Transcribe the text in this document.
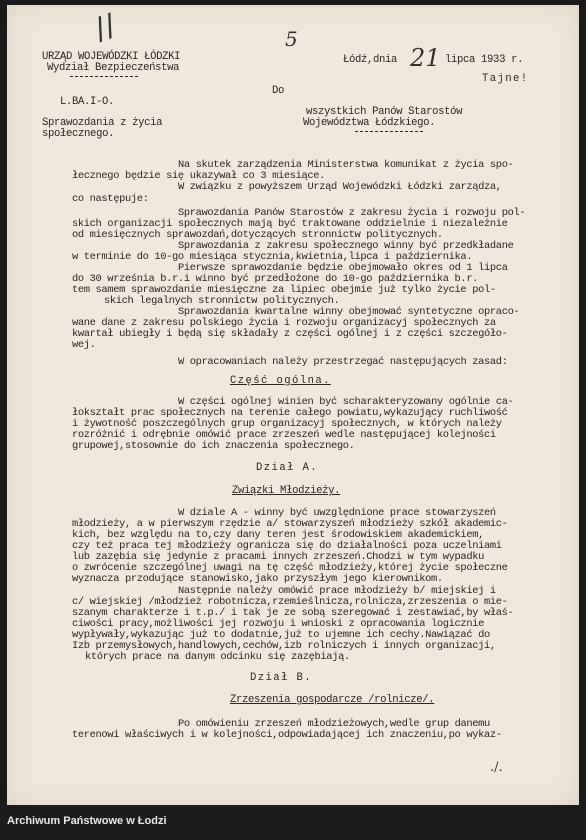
URZĄD WOJEWÓDZKI ŁÓDZKI
Wydział Bezpieczeństwa
L.BA.I-O.
Sprawozdania z życia
społecznego.
5
//
Łódź,dnia 21 lipca 1933 r.
Tajne!
Do
wszystkich Panów Starostów
Województwa Łódzkiego.
Na skutek zarządzenia Ministerstwa komunikat z życia spo-
łecznego będzie się ukazywał co 3 miesiące.
W związku z powyższem Urząd Wojewódzki Łódzki zarządza,
co następuje:
Sprawozdania Panów Starostów z zakresu życia i rozwoju pol-
skich organizacji społecznych mają być traktowane oddzielnie i niezależnie
od miesięcznych sprawozdań,dotyczących stronnictw politycznych.
Sprawozdania z zakresu społecznego winny być przedkładane
w terminie do 10-go miesiąca stycznia,kwietnia,lipca i października.
Pierwsze sprawozdanie będzie obejmowało okres od 1 lipca
do 30 września b.r.i winno być przedłożone do 10-go października b.r.
tem samem sprawozdanie miesięczne za lipiec obejmie już tylko życie pol-
skich legalnych stronnictw politycznych.
Sprawozdania kwartalne winny obejmować syntetyczne opraco-
wane dane z zakresu polskiego życia i rozwoju organizacyj społecznych za
kwartał ubiegły i będą się składały z części ogólnej i z części szczegóło-
wej.
W opracowaniach należy przestrzegać następujących zasad:
Część ogólna.
W części ogólnej winien być scharakteryzowany ogólnie ca-
łokształt prac społecznych na terenie całego powiatu,wykazujący ruchliwość
i żywotność poszczególnych grup organizacyj społecznych, w których należy
rozróżnić i odrębnie omówić prace zrzeszeń wedle następującej kolejności
grupowej,stosownie do ich znaczenia społecznego.
Dział A.
Związki Młodzieży.
W dziale A - winny być uwzględnione prace stowarzyszeń
młodzieży, a w pierwszym rzędzie a/ stowarzyszeń młodzieży szkół akademic-
kich, bez względu na to,czy dany teren jest środowiskiem akademickiem,
czy też praca tej młodzieży ogranicza się do działalności poza uczelniami
lub zazębia się jedynie z pracami innych zrzeszeń.Chodzi w tym wypadku
o zwrócenie szczególnej uwagi na tę część młodzieży,której życie społeczne
wyznacza przodujące stanowisko,jako przyszłym jego kierownikom.
Następnie należy omówić prace młodzieży b/ miejskiej i
c/ wiejskiej /młodzież robotnicza,rzemieślnicza,rolnicza,zrzeszenia o mie-
szanym charakterze i t.p./ i tak je ze sobą szeregować i zestawiać,by właś-
ciwości pracy,możliwości jej rozwoju i wnioski z opracowania logicznie
wypływały,wykazując już to dodatnie,już to ujemne ich cechy.Nawiązać do
Izb przemysłowych,handlowych,cechów,izb rolniczych i innych organizacji,
których prace na danym odcinku się zazębiają.
Dział B.
Zrzeszenia gospodarcze /rolnicze/.
Po omówieniu zrzeszeń młodzieżowych,wedle grup danemu
terenowi właściwych i w kolejności,odpowiadającej ich znaczeniu,po wykaz-
./.
Archiwum Państwowe w Łodzi
